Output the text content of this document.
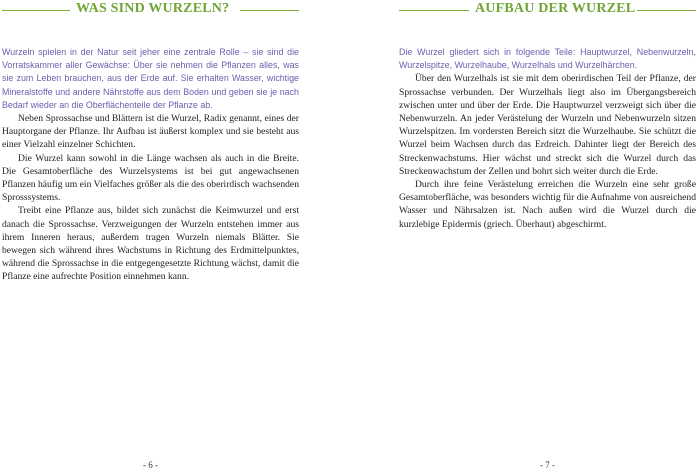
WAS SIND WURZELN?

Wurzeln spielen in der Natur seit jeher eine zentrale Rolle – sie sind die Vorratskammer aller Gewächse: Über sie nehmen die Pflanzen alles, was sie zum Leben brauchen, aus der Erde auf. Sie erhalten Wasser, wichtige Mineralstoffe und andere Nährstoffe aus dem Boden und geben sie je nach Bedarf wieder an die Oberflächenteile der Pflanze ab.

Neben Sprossachse und Blättern ist die Wurzel, Radix genannt, eines der Hauptorgane der Pflanze. Ihr Aufbau ist äußerst komplex und sie besteht aus einer Vielzahl einzelner Schichten.

Die Wurzel kann sowohl in die Länge wachsen als auch in die Breite. Die Gesamtoberfläche des Wurzelsystems ist bei gut angewachsenen Pflanzen häufig um ein Vielfaches größer als die des oberirdisch wachsenden Sprosssystems.

Treibt eine Pflanze aus, bildet sich zunächst die Keimwurzel und erst danach die Sprossachse. Verzweigungen der Wurzeln entstehen immer aus ihrem Inneren heraus, außerdem tragen Wurzeln niemals Blätter. Sie bewegen sich während ihres Wachstums in Richtung des Erdmittelpunktes, während die Sprossachse in die entgegengesetzte Richtung wächst, damit die Pflanze eine aufrechte Position einnehmen kann.

- 6 -
AUFBAU DER WURZEL

Die Wurzel gliedert sich in folgende Teile: Hauptwurzel, Nebenwurzeln, Wurzelspitze, Wurzelhaube, Wurzelhals und Wurzelhärchen.

Über den Wurzelhals ist sie mit dem oberirdischen Teil der Pflanze, der Sprossachse verbunden. Der Wurzelhals liegt also im Übergangsbereich zwischen unter und über der Erde. Die Hauptwurzel verzweigt sich über die Nebenwurzeln. An jeder Verästelung der Wurzeln und Nebenwurzeln sitzen Wurzelspitzen. Im vordersten Bereich sitzt die Wurzelhaube. Sie schützt die Wurzel beim Wachsen durch das Erdreich. Dahinter liegt der Bereich des Streckenwachstums. Hier wächst und streckt sich die Wurzel durch das Streckenwachstum der Zellen und bohrt sich weiter durch die Erde.

Durch ihre feine Verästelung erreichen die Wurzeln eine sehr große Gesamtoberfläche, was besonders wichtig für die Aufnahme von ausreichend Wasser und Nährsalzen ist. Nach außen wird die Wurzel durch die kurzlebige Epidermis (griech. Überhaut) abgeschirmt.

- 7 -
